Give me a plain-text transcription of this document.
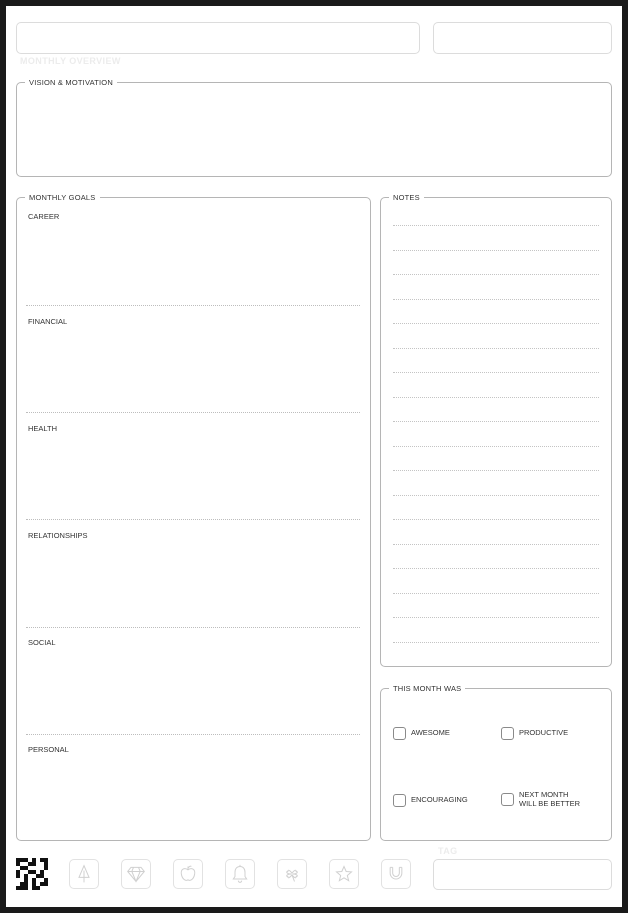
MONTHLY OVERVIEW
VISION & MOTIVATION
MONTHLY GOALS
CAREER
FINANCIAL
HEALTH
RELATIONSHIPS
SOCIAL
PERSONAL
NOTES
THIS MONTH WAS
AWESOME	PRODUCTIVE
ENCOURAGING
NEXT MONTH
WILL BE BETTER
TAG
